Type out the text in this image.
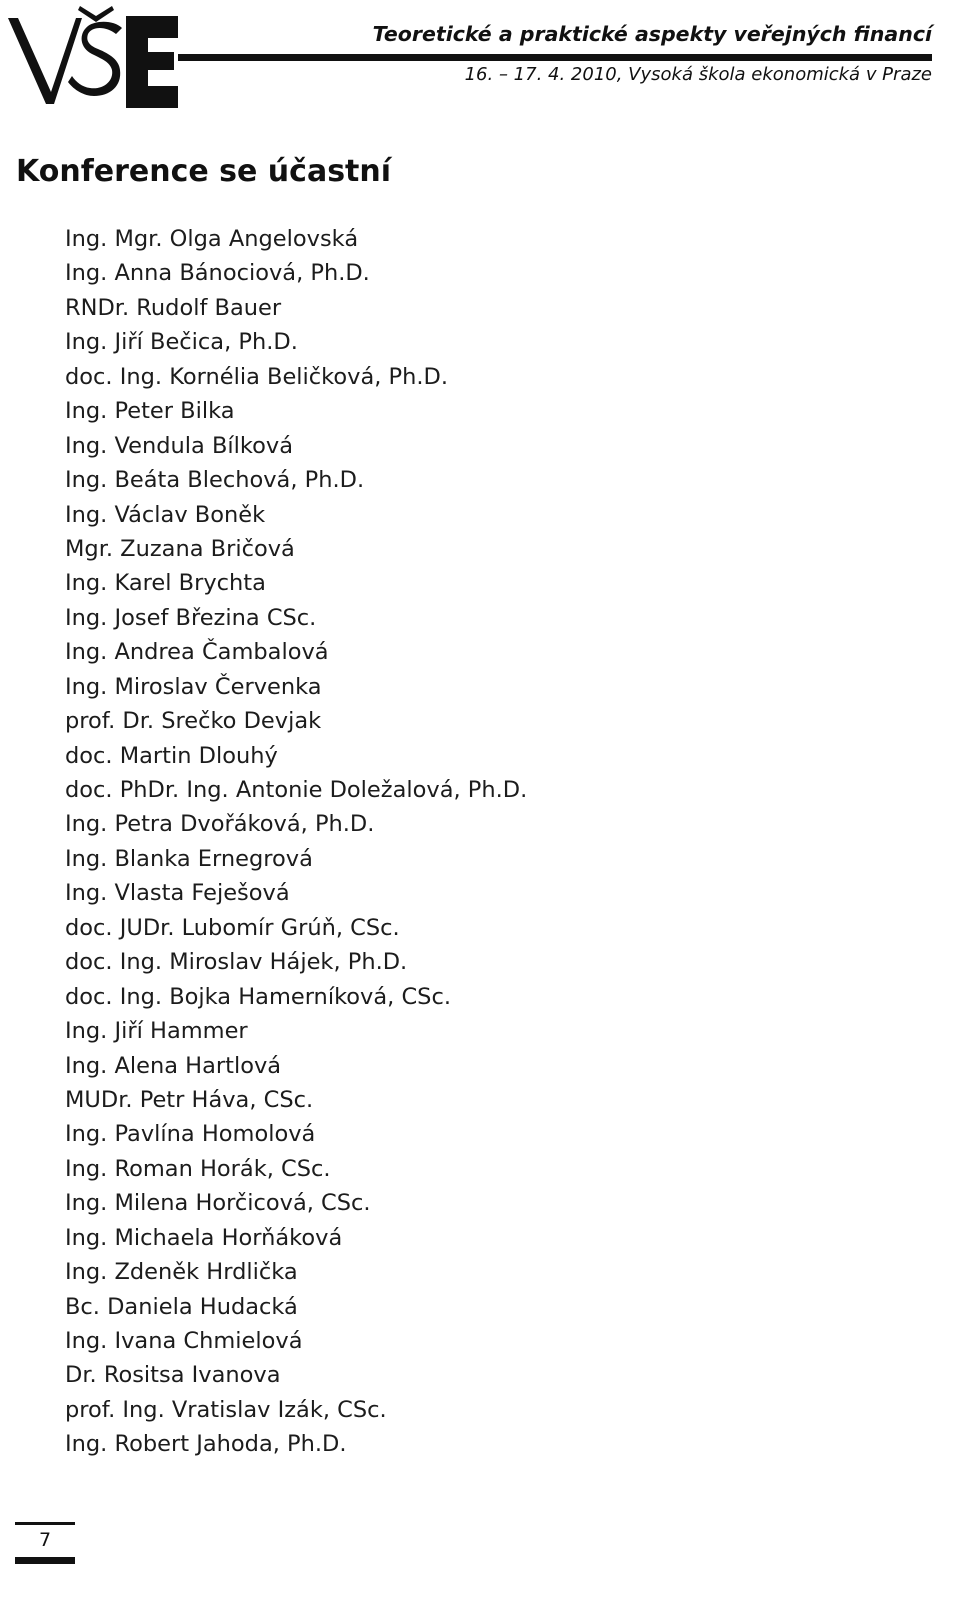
Teoretické a praktické aspekty veřejných financí
16. – 17. 4. 2010, Vysoká škola ekonomická v Praze
Konference se účastní
Ing. Mgr. Olga Angelovská
Ing. Anna Bánociová, Ph.D.
RNDr. Rudolf Bauer
Ing. Jiří Bečica, Ph.D.
doc. Ing. Kornélia Beličková, Ph.D.
Ing. Peter Bilka
Ing. Vendula Bílková
Ing. Beáta Blechová, Ph.D.
Ing. Václav Boněk
Mgr. Zuzana Bričová
Ing. Karel Brychta
Ing. Josef Březina CSc.
Ing. Andrea Čambalová
Ing. Miroslav Červenka
prof. Dr. Srečko Devjak
doc. Martin Dlouhý
doc. PhDr. Ing. Antonie Doležalová, Ph.D.
Ing. Petra Dvořáková, Ph.D.
Ing. Blanka Ernegrová
Ing. Vlasta Feješová
doc. JUDr. Lubomír Grúň, CSc.
doc. Ing. Miroslav Hájek, Ph.D.
doc. Ing. Bojka Hamerníková, CSc.
Ing. Jiří Hammer
Ing. Alena Hartlová
MUDr. Petr Háva, CSc.
Ing. Pavlína Homolová
Ing. Roman Horák, CSc.
Ing. Milena Horčicová, CSc.
Ing. Michaela Horňáková
Ing. Zdeněk Hrdlička
Bc. Daniela Hudacká
Ing. Ivana Chmielová
Dr. Rositsa Ivanova
prof. Ing. Vratislav Izák, CSc.
Ing. Robert Jahoda, Ph.D.
7
